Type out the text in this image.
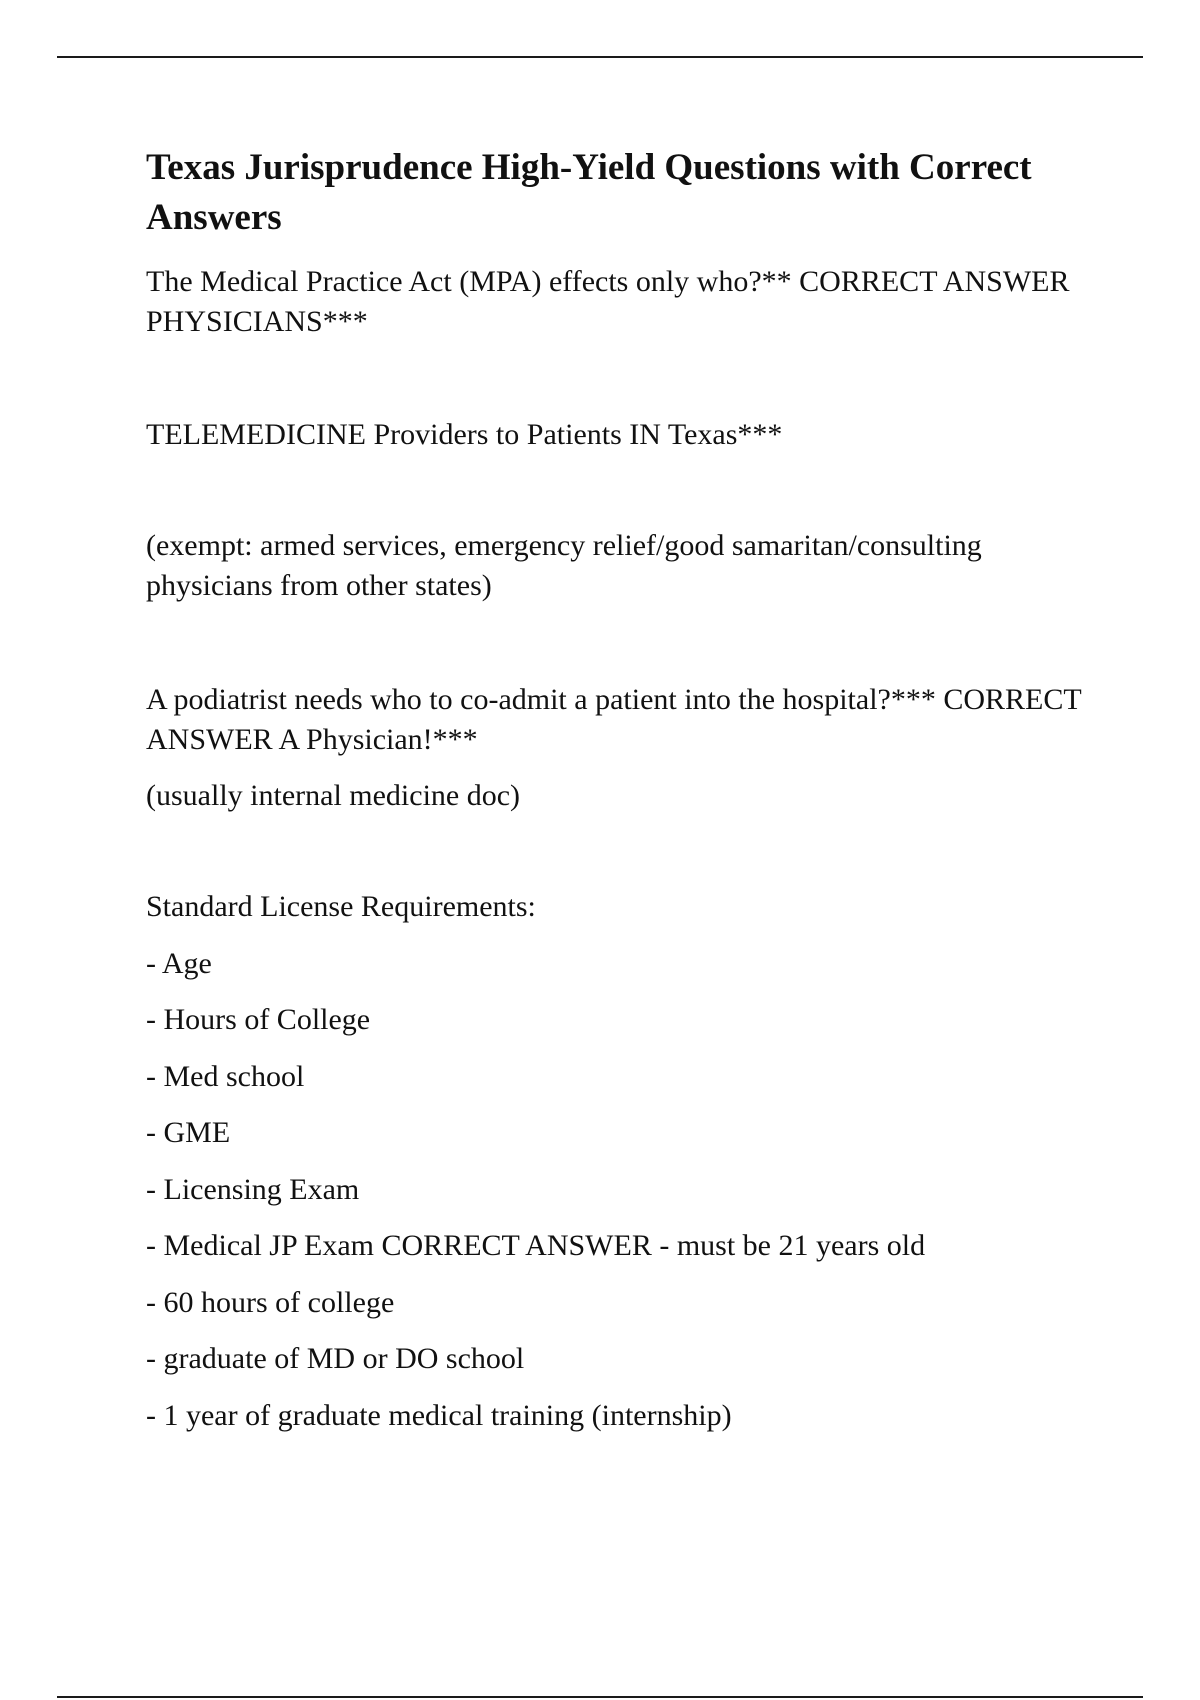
Texas Jurisprudence High-Yield Questions with Correct Answers

The Medical Practice Act (MPA) effects only who?** CORRECT ANSWER PHYSICIANS***

TELEMEDICINE Providers to Patients IN Texas***

(exempt: armed services, emergency relief/good samaritan/consulting physicians from other states)

A podiatrist needs who to co-admit a patient into the hospital?*** CORRECT ANSWER A Physician!***

(usually internal medicine doc)

Standard License Requirements:

- Age

- Hours of College

- Med school

- GME

- Licensing Exam

- Medical JP Exam CORRECT ANSWER - must be 21 years old

- 60 hours of college

- graduate of MD or DO school

- 1 year of graduate medical training (internship)
